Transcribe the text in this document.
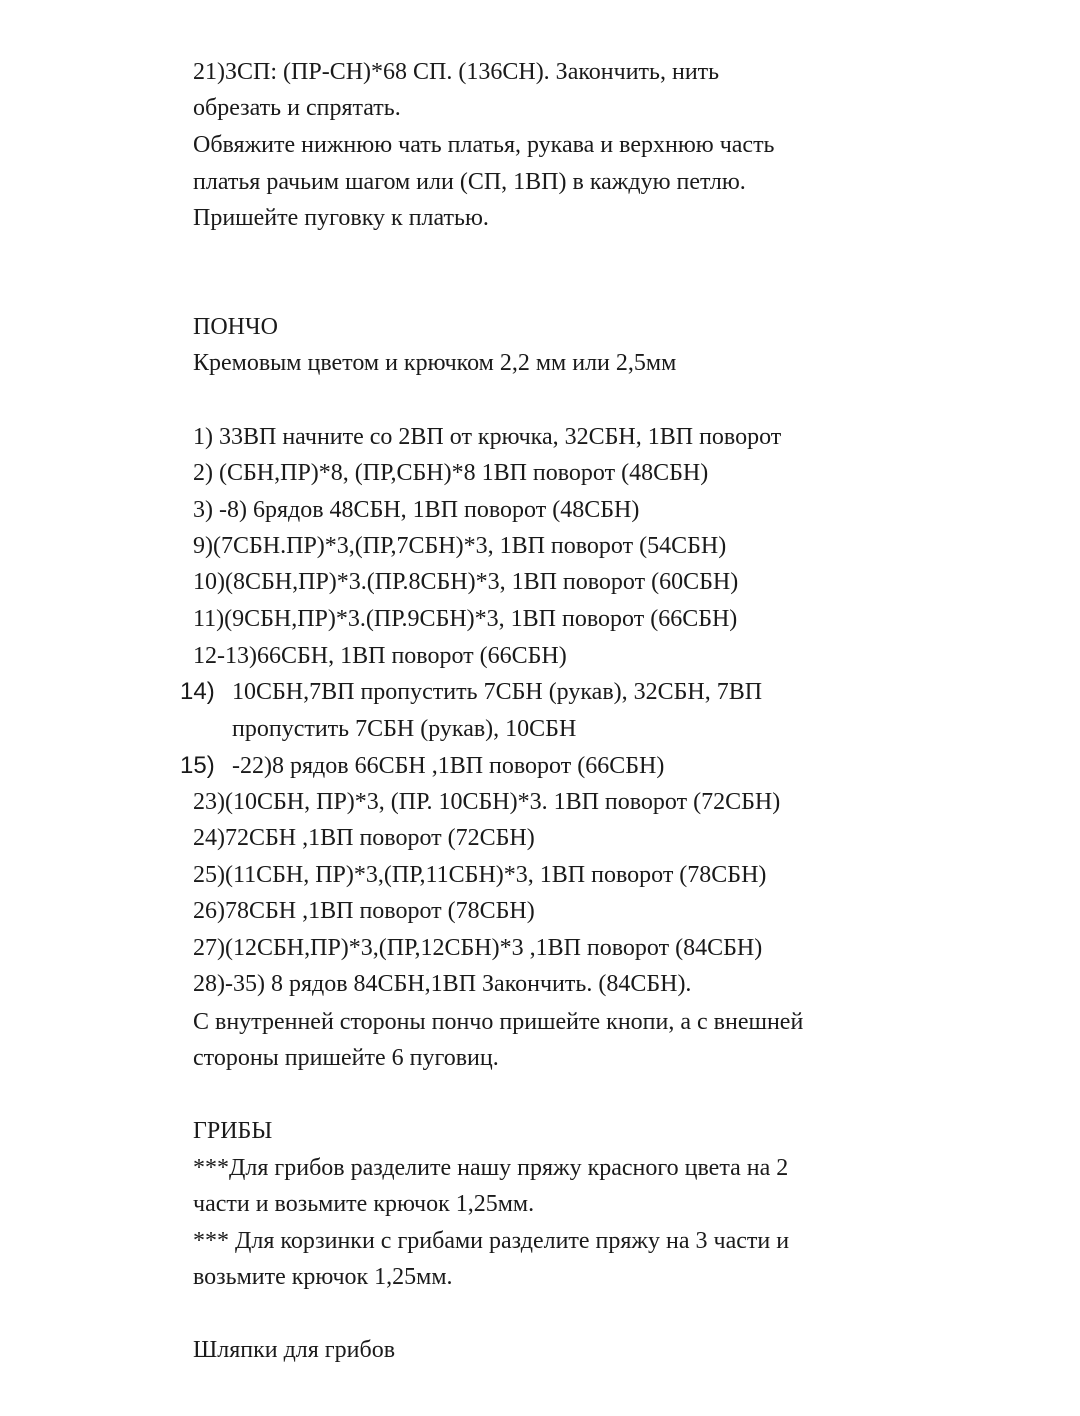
21)ЗСП: (ПР-СН)*68 СП. (136СН). Закончить, нить
обрезать и спрятать.
Обвяжите нижнюю чать платья, рукава и верхнюю часть
платья рачьим шагом или (СП, 1ВП) в каждую петлю.
Пришейте пуговку к платью.
ПОНЧО
Кремовым цветом и крючком 2,2 мм или 2,5мм
1) 33ВП начните со 2ВП от крючка, 32СБН, 1ВП поворот
2) (СБН,ПР)*8, (ПР,СБН)*8 1ВП поворот (48СБН)
3) -8) 6рядов 48СБН, 1ВП поворот (48СБН)
9)(7СБН.ПР)*3,(ПР,7СБН)*3, 1ВП поворот (54СБН)
10)(8СБН,ПР)*3.(ПР.8СБН)*3, 1ВП поворот (60СБН)
11)(9СБН,ПР)*3.(ПР.9СБН)*3, 1ВП поворот (66СБН)
12-13)66СБН, 1ВП поворот (66СБН)
14) 10СБН,7ВП пропустить 7СБН (рукав), 32СБН, 7ВП
пропустить 7СБН (рукав), 10СБН
15) -22)8 рядов 66СБН ,1ВП поворот (66СБН)
23)(10СБН, ПР)*3, (ПР. 10СБН)*3. 1ВП поворот (72СБН)
24)72СБН ,1ВП поворот (72СБН)
25)(11СБН, ПР)*3,(ПР,11СБН)*3, 1ВП поворот (78СБН)
26)78СБН ,1ВП поворот (78СБН)
27)(12СБН,ПР)*3,(ПР,12СБН)*3 ,1ВП поворот (84СБН)
28)-35) 8 рядов 84СБН,1ВП Закончить. (84СБН).
С внутренней стороны пончо пришейте кнопи, а с внешней
стороны пришейте 6 пуговиц.
ГРИБЫ
***Для грибов разделите нашу пряжу красного цвета на 2
части и возьмите крючок 1,25мм.
*** Для корзинки с грибами разделите пряжу на 3 части и
возьмите крючок 1,25мм.
Шляпки для грибов
